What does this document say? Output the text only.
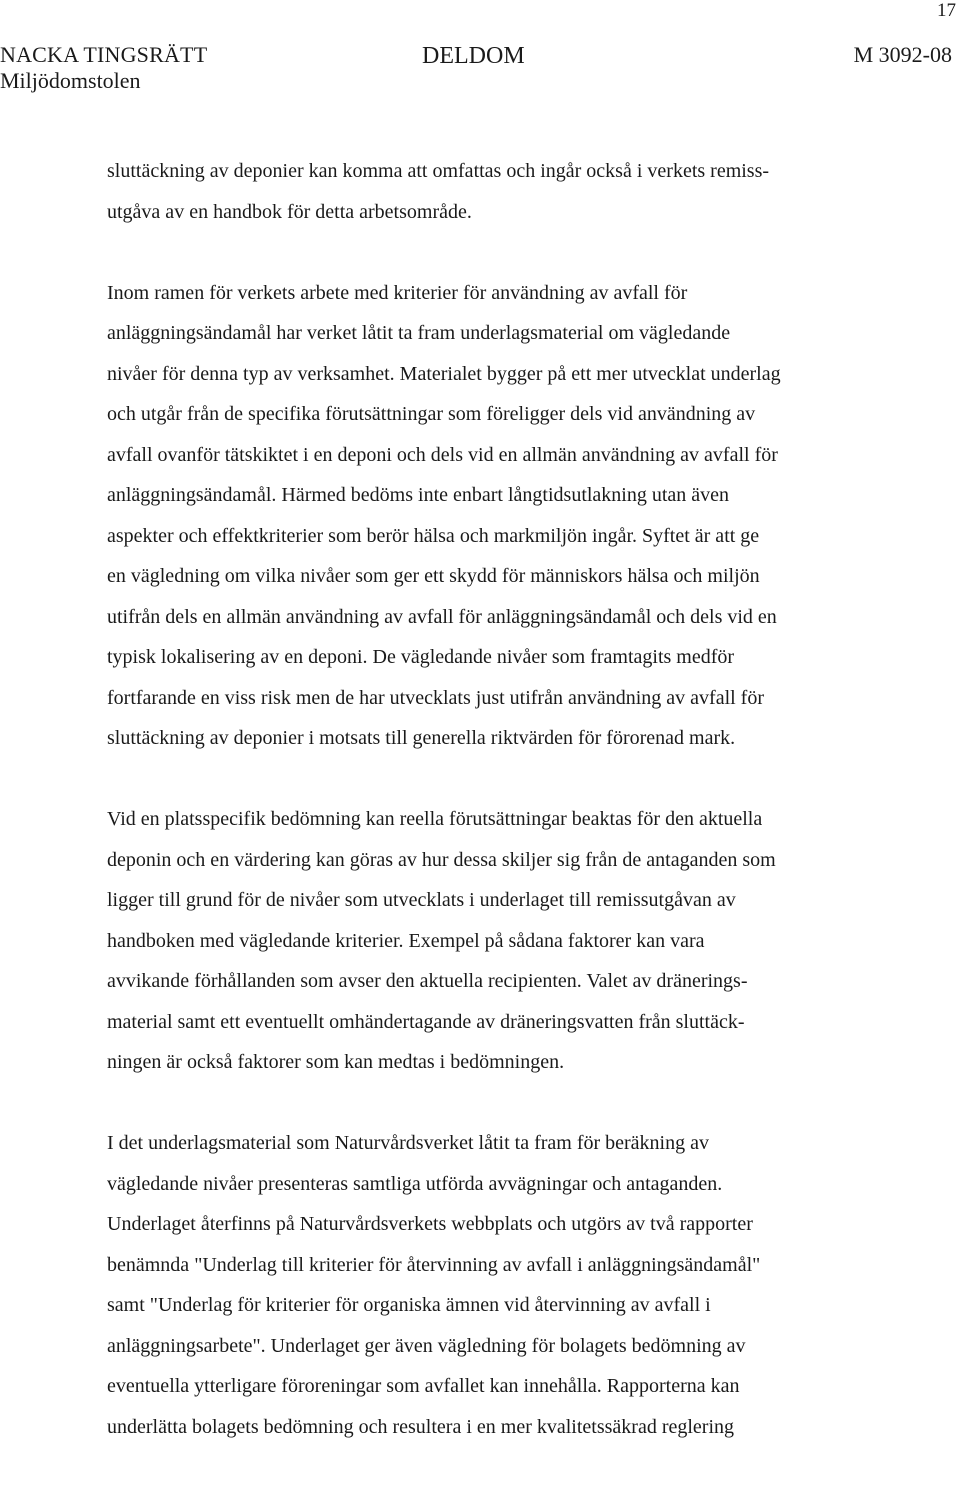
17
NACKA TINGSRÄTT
Miljödomstolen
DELDOM	M 3092-08
sluttäckning av deponier kan komma att omfattas och ingår också i verkets remiss-
utgåva av en handbok för detta arbetsområde.
Inom ramen för verkets arbete med kriterier för användning av avfall för
anläggningsändamål har verket låtit ta fram underlagsmaterial om vägledande
nivåer för denna typ av verksamhet. Materialet bygger på ett mer utvecklat underlag
och utgår från de specifika förutsättningar som föreligger dels vid användning av
avfall ovanför tätskiktet i en deponi och dels vid en allmän användning av avfall för
anläggningsändamål. Härmed bedöms inte enbart långtidsutlakning utan även
aspekter och effektkriterier som berör hälsa och markmiljön ingår. Syftet är att ge
en vägledning om vilka nivåer som ger ett skydd för människors hälsa och miljön
utifrån dels en allmän användning av avfall för anläggningsändamål och dels vid en
typisk lokalisering av en deponi. De vägledande nivåer som framtagits medför
fortfarande en viss risk men de har utvecklats just utifrån användning av avfall för
sluttäckning av deponier i motsats till generella riktvärden för förorenad mark.
Vid en platsspecifik bedömning kan reella förutsättningar beaktas för den aktuella
deponin och en värdering kan göras av hur dessa skiljer sig från de antaganden som
ligger till grund för de nivåer som utvecklats i underlaget till remissutgåvan av
handboken med vägledande kriterier. Exempel på sådana faktorer kan vara
avvikande förhållanden som avser den aktuella recipienten. Valet av dränerings-
material samt ett eventuellt omhändertagande av dräneringsvatten från sluttäck-
ningen är också faktorer som kan medtas i bedömningen.
I det underlagsmaterial som Naturvårdsverket låtit ta fram för beräkning av
vägledande nivåer presenteras samtliga utförda avvägningar och antaganden.
Underlaget återfinns på Naturvårdsverkets webbplats och utgörs av två rapporter
benämnda "Underlag till kriterier för återvinning av avfall i anläggningsändamål"
samt "Underlag för kriterier för organiska ämnen vid återvinning av avfall i
anläggningsarbete". Underlaget ger även vägledning för bolagets bedömning av
eventuella ytterligare föroreningar som avfallet kan innehålla. Rapporterna kan
underlätta bolagets bedömning och resultera i en mer kvalitetssäkrad reglering
